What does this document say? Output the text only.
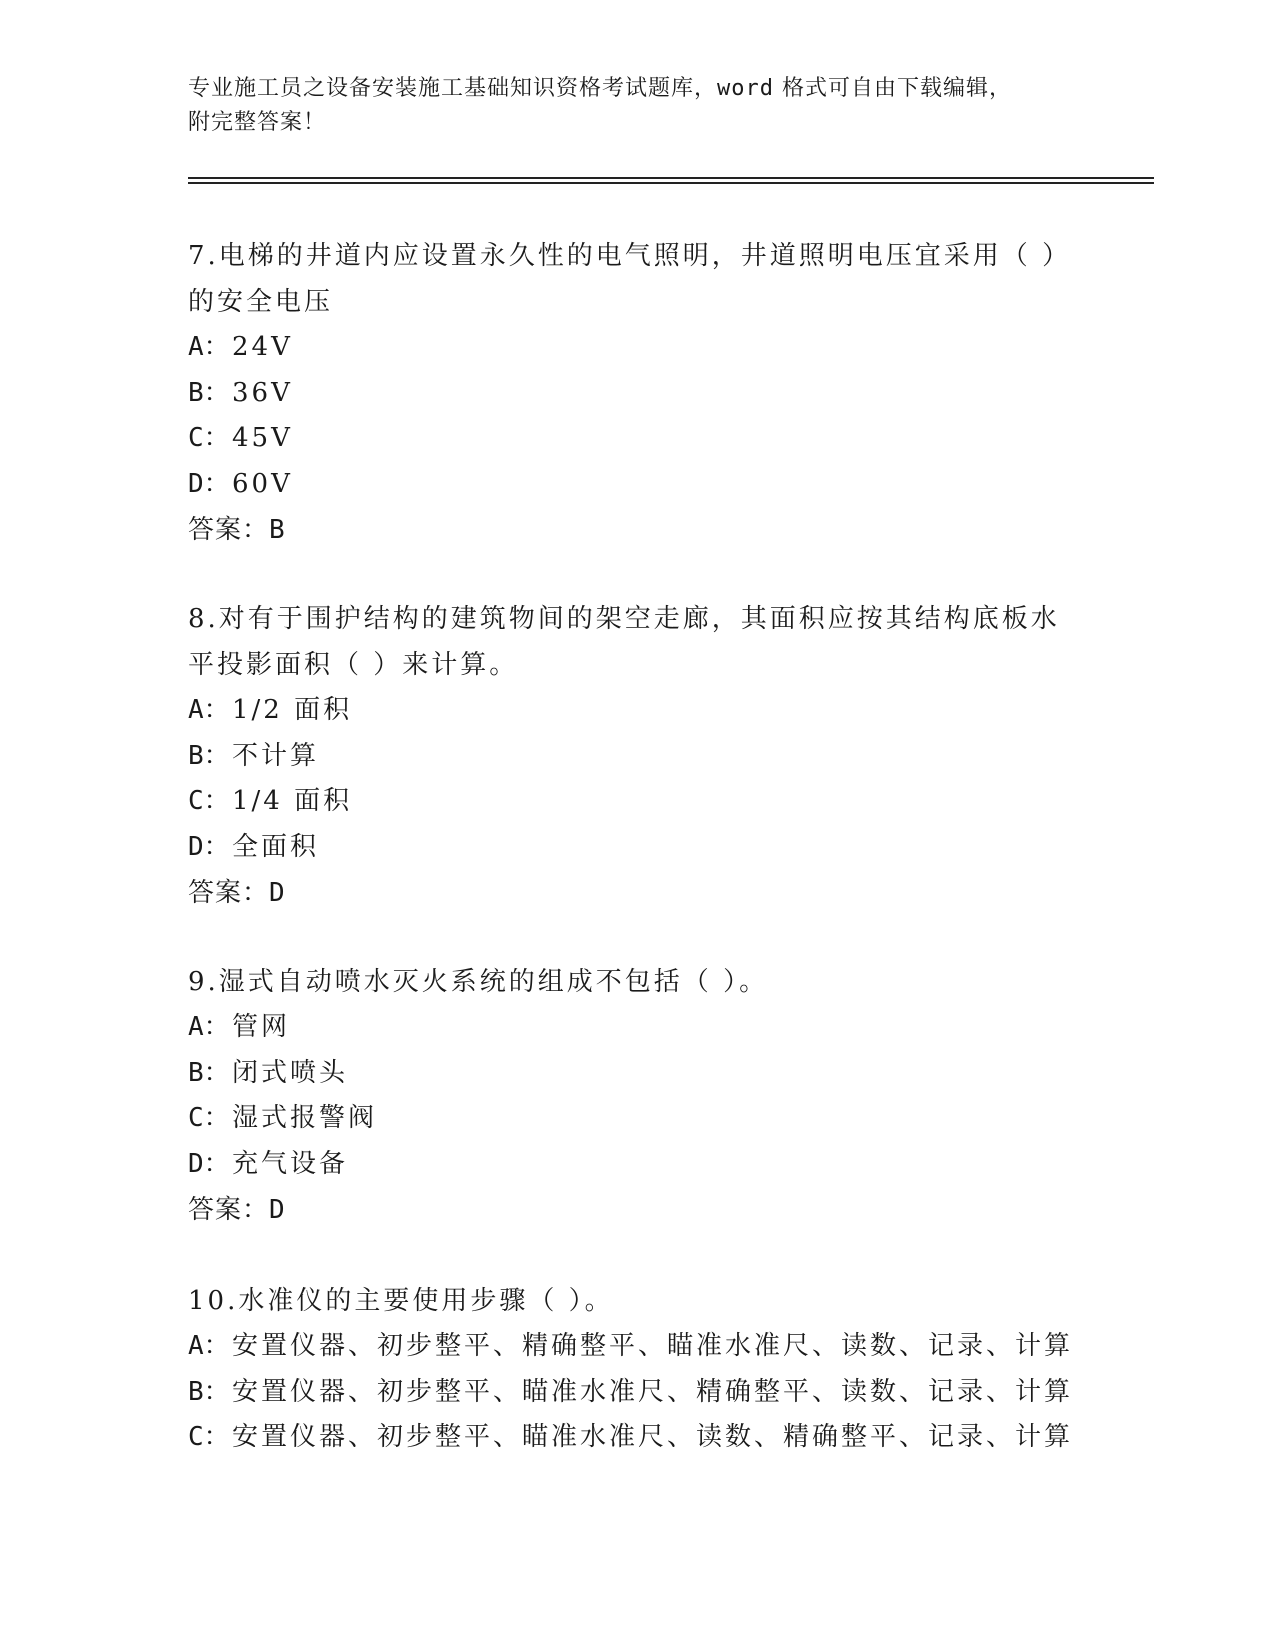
专业施工员之设备安装施工基础知识资格考试题库，word 格式可自由下载编辑，
附完整答案！

7.电梯的井道内应设置永久性的电气照明，井道照明电压宜采用（ ）的安全电压

A：24V

B：36V

C：45V

D：60V

答案：B

8.对有于围护结构的建筑物间的架空走廊，其面积应按其结构底板水平投影面积（ ）来计算。

A：1/2 面积

B：不计算

C：1/4 面积

D：全面积

答案：D

9.湿式自动喷水灭火系统的组成不包括（ ）。

A：管网

B：闭式喷头

C：湿式报警阀

D：充气设备

答案：D

10.水准仪的主要使用步骤（ ）。

A：安置仪器、初步整平、精确整平、瞄准水准尺、读数、记录、计算

B：安置仪器、初步整平、瞄准水准尺、精确整平、读数、记录、计算

C：安置仪器、初步整平、瞄准水准尺、读数、精确整平、记录、计算
